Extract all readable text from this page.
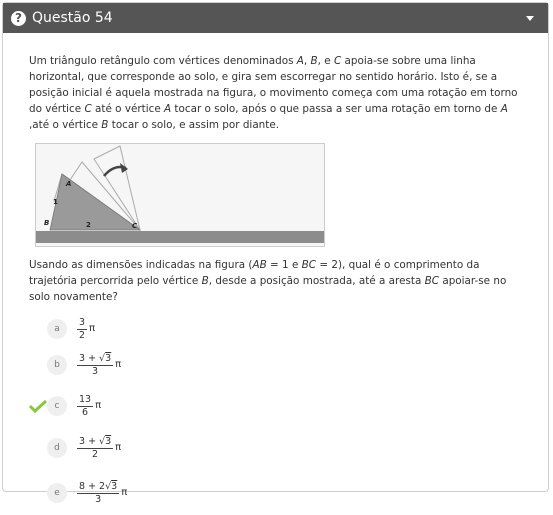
? Questão 54

Um triângulo retângulo com vértices denominados A, B, e C apoia-se sobre uma linha horizontal, que corresponde ao solo, e gira sem escorregar no sentido horário. Isto é, se a posição inicial é aquela mostrada na figura, o movimento começa com uma rotação em torno do vértice C até o vértice A tocar o solo, após o que passa a ser uma rotação em torno de A ,até o vértice B tocar o solo, e assim por diante.

A
B	C
1
2

Usando as dimensões indicadas na figura (AB = 1 e BC = 2), qual é o comprimento da trajetória percorrida pelo vértice B, desde a posição mostrada, até a aresta BC apoiar-se no solo novamente?

a	$\frac{3}{2}$ π
b	$\frac{3 + √3}{3}$ π
c	$\frac{13}{6}$ π
d	$\frac{3 + √3}{2}$ π
e	$\frac{8 + 2√3}{3}$ π
